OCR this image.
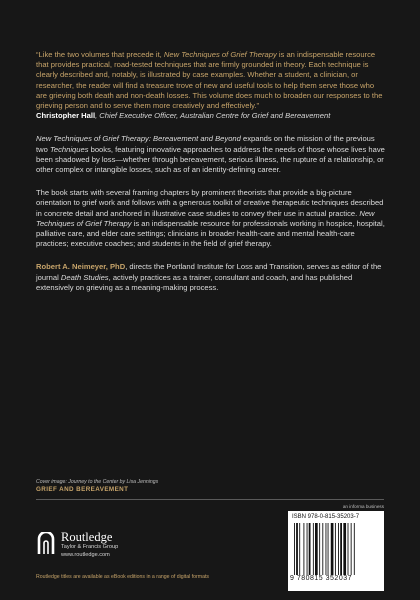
“Like the two volumes that precede it, New Techniques of Grief Therapy is an indispensable resource that provides practical, road-tested techniques that are firmly grounded in theory. Each technique is clearly described and, notably, is illustrated by case examples. Whether a student, a clinician, or researcher, the reader will find a treasure trove of new and useful tools to help them serve those who are grieving both death and non-death losses. This volume does much to broaden our responses to the grieving person and to serve them more creatively and effectively.”

Christopher Hall, Chief Executive Officer, Australian Centre for Grief and Bereavement

New Techniques of Grief Therapy: Bereavement and Beyond expands on the mission of the previous two Techniques books, featuring innovative approaches to address the needs of those whose lives have been shadowed by loss—whether through bereavement, serious illness, the rupture of a relationship, or other complex or intangible losses, such as of an identity-defining career.

The book starts with several framing chapters by prominent theorists that provide a big-picture orientation to grief work and follows with a generous toolkit of creative therapeutic techniques described in concrete detail and anchored in illustrative case studies to convey their use in actual practice. New Techniques of Grief Therapy is an indispensable resource for professionals working in hospice, hospital, palliative care, and elder care settings; clinicians in broader health-care and mental health-care practices; executive coaches; and students in the field of grief therapy.

Robert A. Neimeyer, PhD, directs the Portland Institute for Loss and Transition, serves as editor of the journal Death Studies, actively practices as a trainer, consultant and coach, and has published extensively on grieving as a meaning-making process.

Cover image: Journey to the Center by Lisa Jennings
GRIEF AND BEREAVEMENT
Routledge
Taylor & Francis Group
www.routledge.com
Routledge titles are available as eBook editions in a range of digital formats
an informa business
ISBN 978-0-815-35203-7
9 780815 352037
